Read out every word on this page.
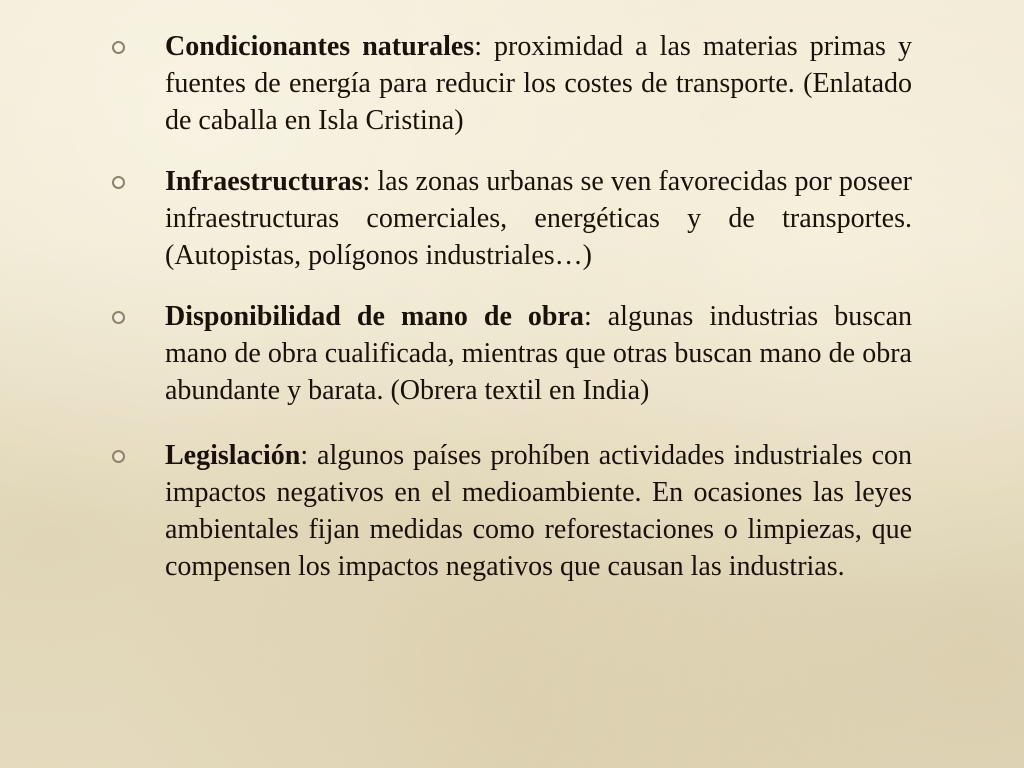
Condicionantes naturales: proximidad a las materias primas y fuentes de energía para reducir los costes de transporte. (Enlatado de caballa en Isla Cristina)
Infraestructuras: las zonas urbanas se ven favorecidas por poseer infraestructuras comerciales, energéticas y de transportes. (Autopistas, polígonos industriales…)
Disponibilidad de mano de obra: algunas industrias buscan mano de obra cualificada, mientras que otras buscan mano de obra abundante y barata. (Obrera textil en India)
Legislación: algunos países prohíben actividades industriales con impactos negativos en el medioambiente. En ocasiones las leyes ambientales fijan medidas como reforestaciones o limpiezas, que compensen los impactos negativos que causan las industrias.
